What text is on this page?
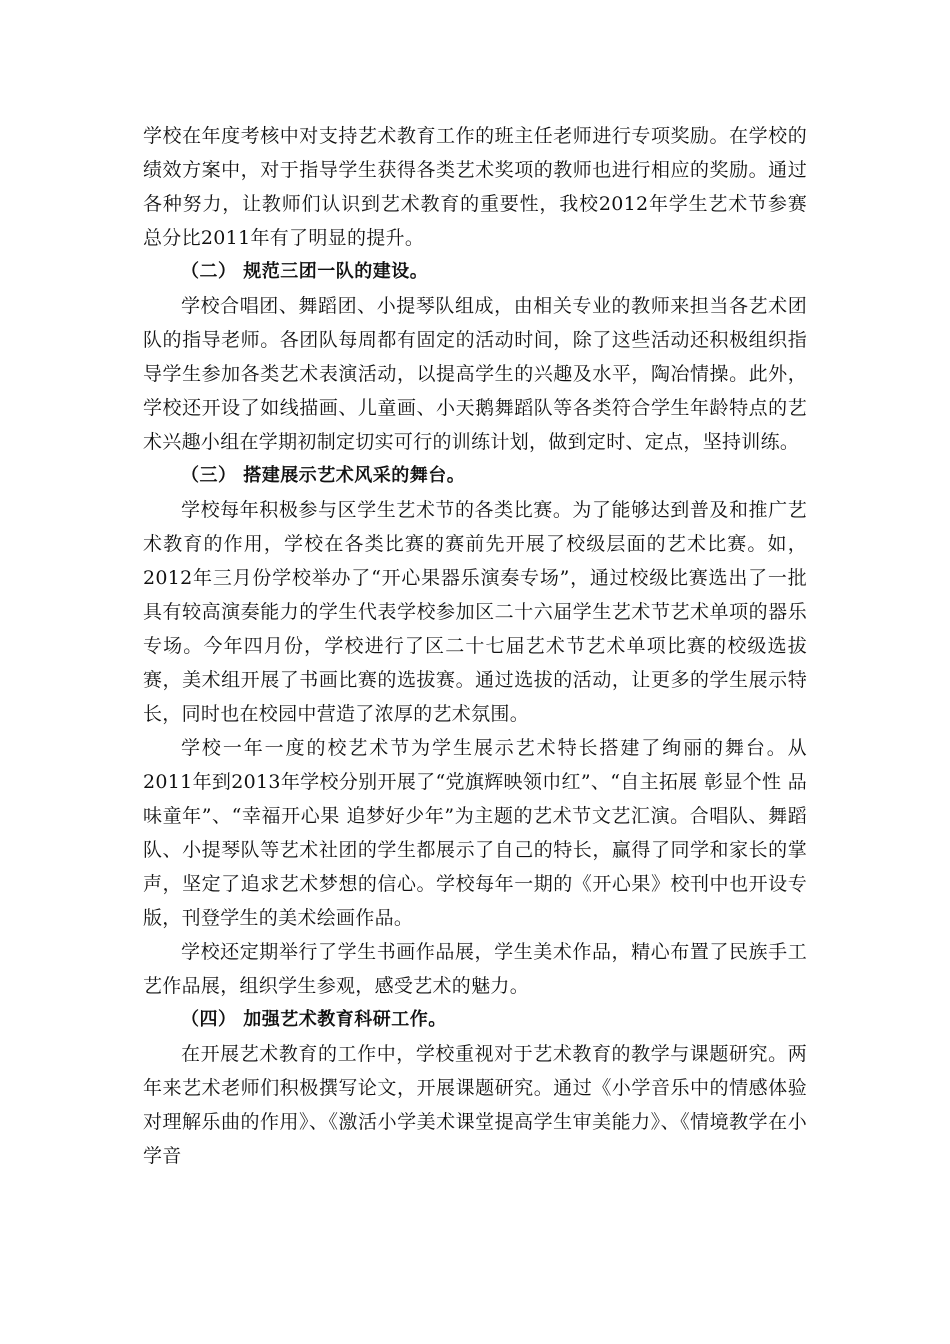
学校在年度考核中对支持艺术教育工作的班主任老师进行专项奖励。在学校的绩效方案中，对于指导学生获得各类艺术奖项的教师也进行相应的奖励。通过各种努力，让教师们认识到艺术教育的重要性，我校2012年学生艺术节参赛总分比2011年有了明显的提升。

（二） 规范三团一队的建设。

学校合唱团、舞蹈团、小提琴队组成，由相关专业的教师来担当各艺术团队的指导老师。各团队每周都有固定的活动时间，除了这些活动还积极组织指导学生参加各类艺术表演活动，以提高学生的兴趣及水平，陶冶情操。此外，学校还开设了如线描画、儿童画、小天鹅舞蹈队等各类符合学生年龄特点的艺术兴趣小组在学期初制定切实可行的训练计划，做到定时、定点，坚持训练。

（三） 搭建展示艺术风采的舞台。

学校每年积极参与区学生艺术节的各类比赛。为了能够达到普及和推广艺术教育的作用，学校在各类比赛的赛前先开展了校级层面的艺术比赛。如，2012年三月份学校举办了“开心果器乐演奏专场”，通过校级比赛选出了一批具有较高演奏能力的学生代表学校参加区二十六届学生艺术节艺术单项的器乐专场。今年四月份，学校进行了区二十七届艺术节艺术单项比赛的校级选拔赛，美术组开展了书画比赛的选拔赛。通过选拔的活动，让更多的学生展示特长，同时也在校园中营造了浓厚的艺术氛围。

学校一年一度的校艺术节为学生展示艺术特长搭建了绚丽的舞台。从2011年到2013年学校分别开展了“党旗辉映领巾红”、“自主拓展 彰显个性 品味童年”、“幸福开心果 追梦好少年”为主题的艺术节文艺汇演。合唱队、舞蹈队、小提琴队等艺术社团的学生都展示了自己的特长，赢得了同学和家长的掌声，坚定了追求艺术梦想的信心。学校每年一期的《开心果》校刊中也开设专版，刊登学生的美术绘画作品。

学校还定期举行了学生书画作品展，学生美术作品，精心布置了民族手工艺作品展，组织学生参观，感受艺术的魅力。

（四） 加强艺术教育科研工作。

在开展艺术教育的工作中，学校重视对于艺术教育的教学与课题研究。两年来艺术老师们积极撰写论文，开展课题研究。通过《小学音乐中的情感体验对理解乐曲的作用》、《激活小学美术课堂提高学生审美能力》、《情境教学在小学音
